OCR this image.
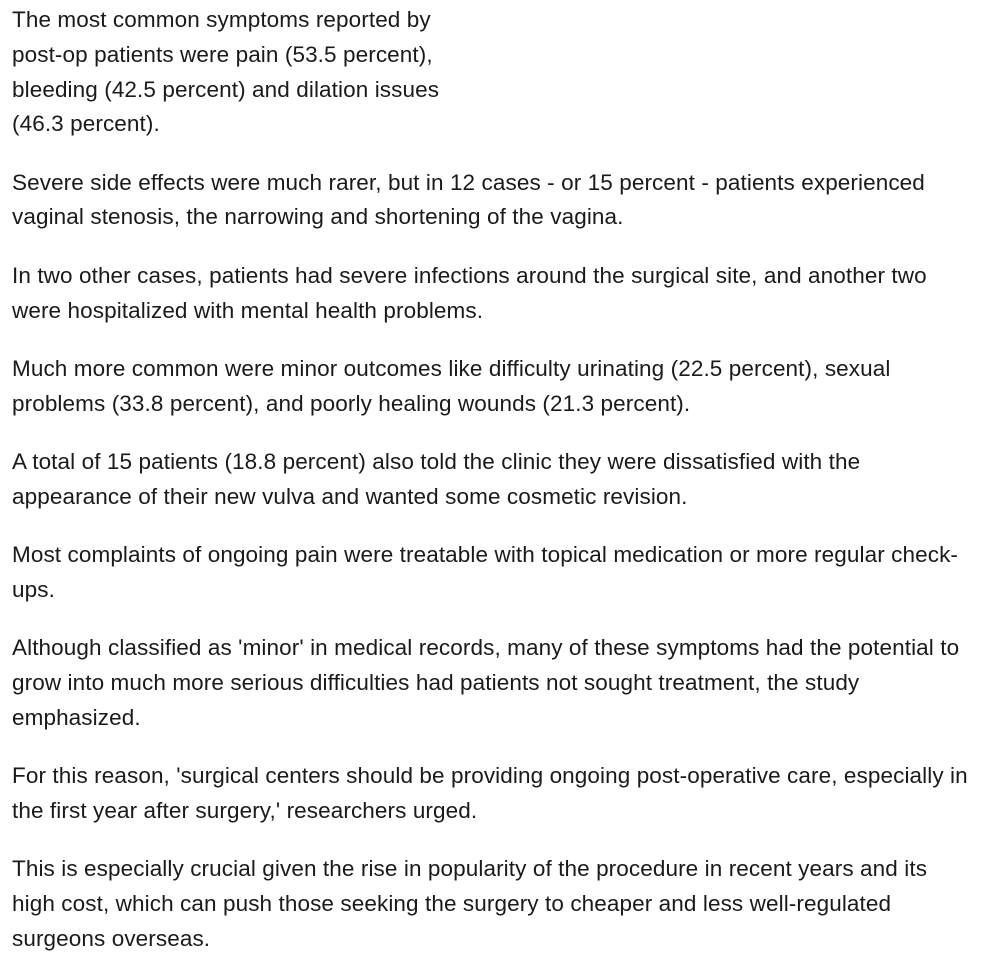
The most common symptoms reported by post-op patients were pain (53.5 percent), bleeding (42.5 percent) and dilation issues (46.3 percent).

Severe side effects were much rarer, but in 12 cases - or 15 percent - patients experienced vaginal stenosis, the narrowing and shortening of the vagina.

In two other cases, patients had severe infections around the surgical site, and another two were hospitalized with mental health problems.

Much more common were minor outcomes like difficulty urinating (22.5 percent), sexual problems (33.8 percent), and poorly healing wounds (21.3 percent).

A total of 15 patients (18.8 percent) also told the clinic they were dissatisfied with the appearance of their new vulva and wanted some cosmetic revision.

Most complaints of ongoing pain were treatable with topical medication or more regular check-ups.

Although classified as 'minor' in medical records, many of these symptoms had the potential to grow into much more serious difficulties had patients not sought treatment, the study emphasized.

For this reason, 'surgical centers should be providing ongoing post-operative care, especially in the first year after surgery,' researchers urged.

This is especially crucial given the rise in popularity of the procedure in recent years and its high cost, which can push those seeking the surgery to cheaper and less well-regulated surgeons overseas.
